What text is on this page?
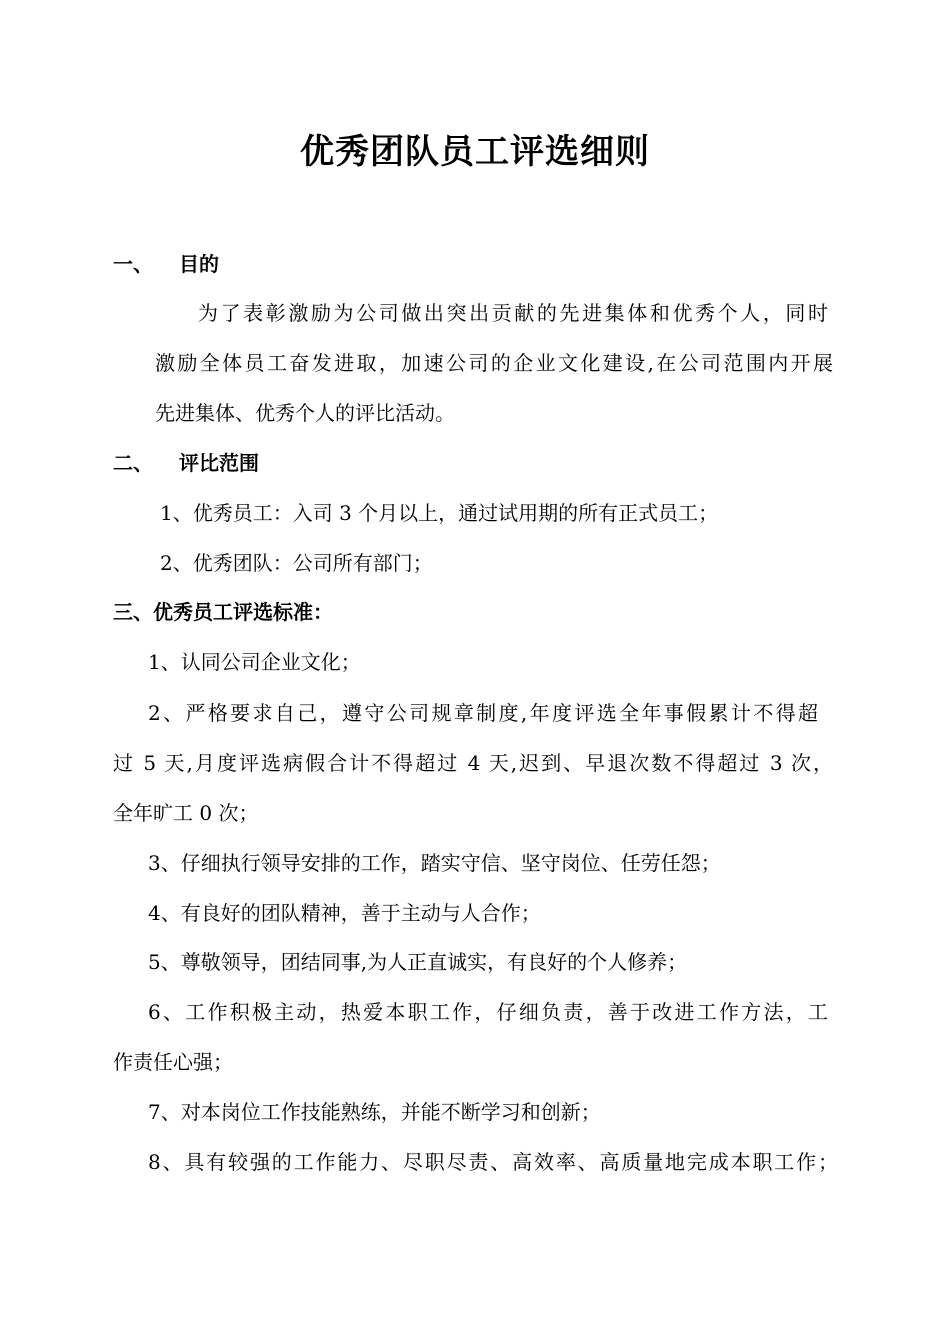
优秀团队员工评选细则
一、 目的
为了表彰激励为公司做出突出贡献的先进集体和优秀个人，同时
激励全体员工奋发进取，加速公司的企业文化建设,在公司范围内开展
先进集体、优秀个人的评比活动。
二、 评比范围
1、优秀员工：入司 3 个月以上，通过试用期的所有正式员工；
2、优秀团队：公司所有部门；
三、优秀员工评选标准：
1、认同公司企业文化；
2、严格要求自己，遵守公司规章制度,年度评选全年事假累计不得超
过 5 天,月度评选病假合计不得超过 4 天,迟到、早退次数不得超过 3 次，
全年旷工 0 次；
3、仔细执行领导安排的工作，踏实守信、坚守岗位、任劳任怨；
4、有良好的团队精神，善于主动与人合作；
5、尊敬领导，团结同事,为人正直诚实，有良好的个人修养；
6、工作积极主动，热爱本职工作，仔细负责，善于改进工作方法，工
作责任心强；
7、对本岗位工作技能熟练，并能不断学习和创新；
8、具有较强的工作能力、尽职尽责、高效率、高质量地完成本职工作；
